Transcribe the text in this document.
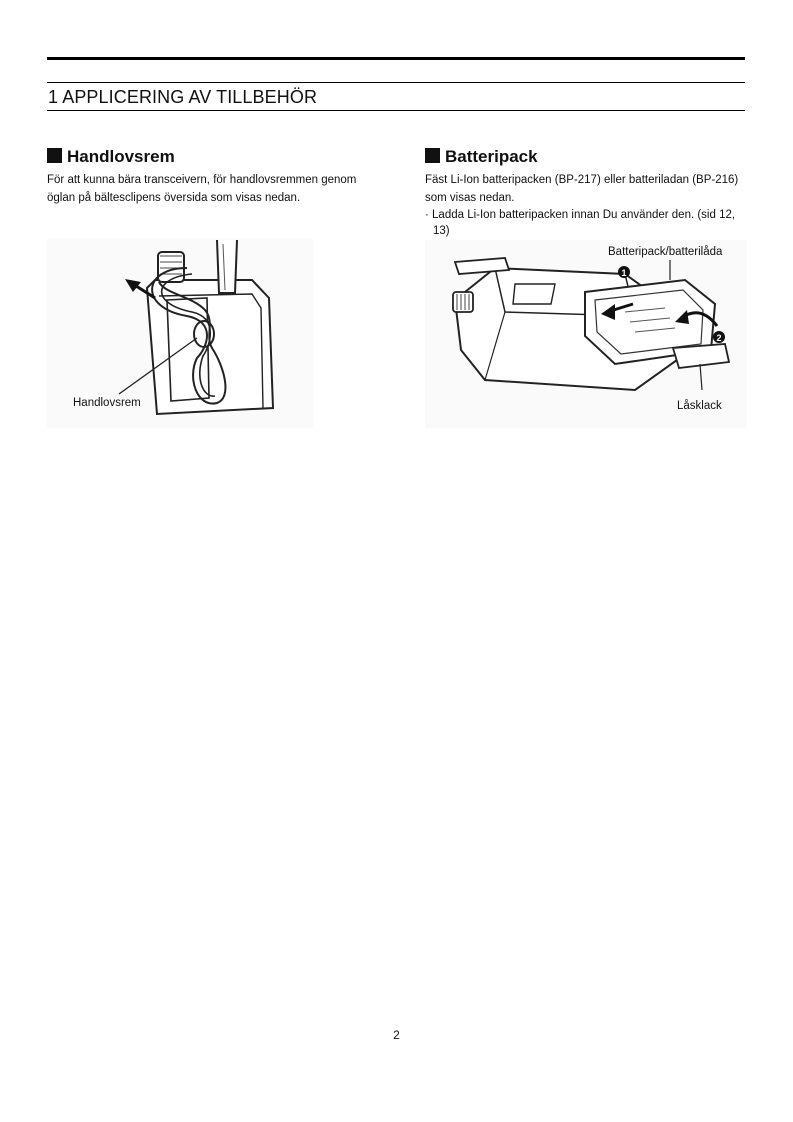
1 APPLICERING AV TILLBEHÖR
Handlovsrem

För att kunna bära transceivern, för handlovsremmen genom öglan på bältesclipens översida som visas nedan.

Handlovsrem
Batteripack

Fäst Li-Ion batteripacken (BP-217) eller batteriladan (BP-216) som visas nedan.

· Ladda Li-Ion batteripacken innan Du använder den. (sid 12, 13)

1
2
Batteripack/batterilåda
Låsklack
2
